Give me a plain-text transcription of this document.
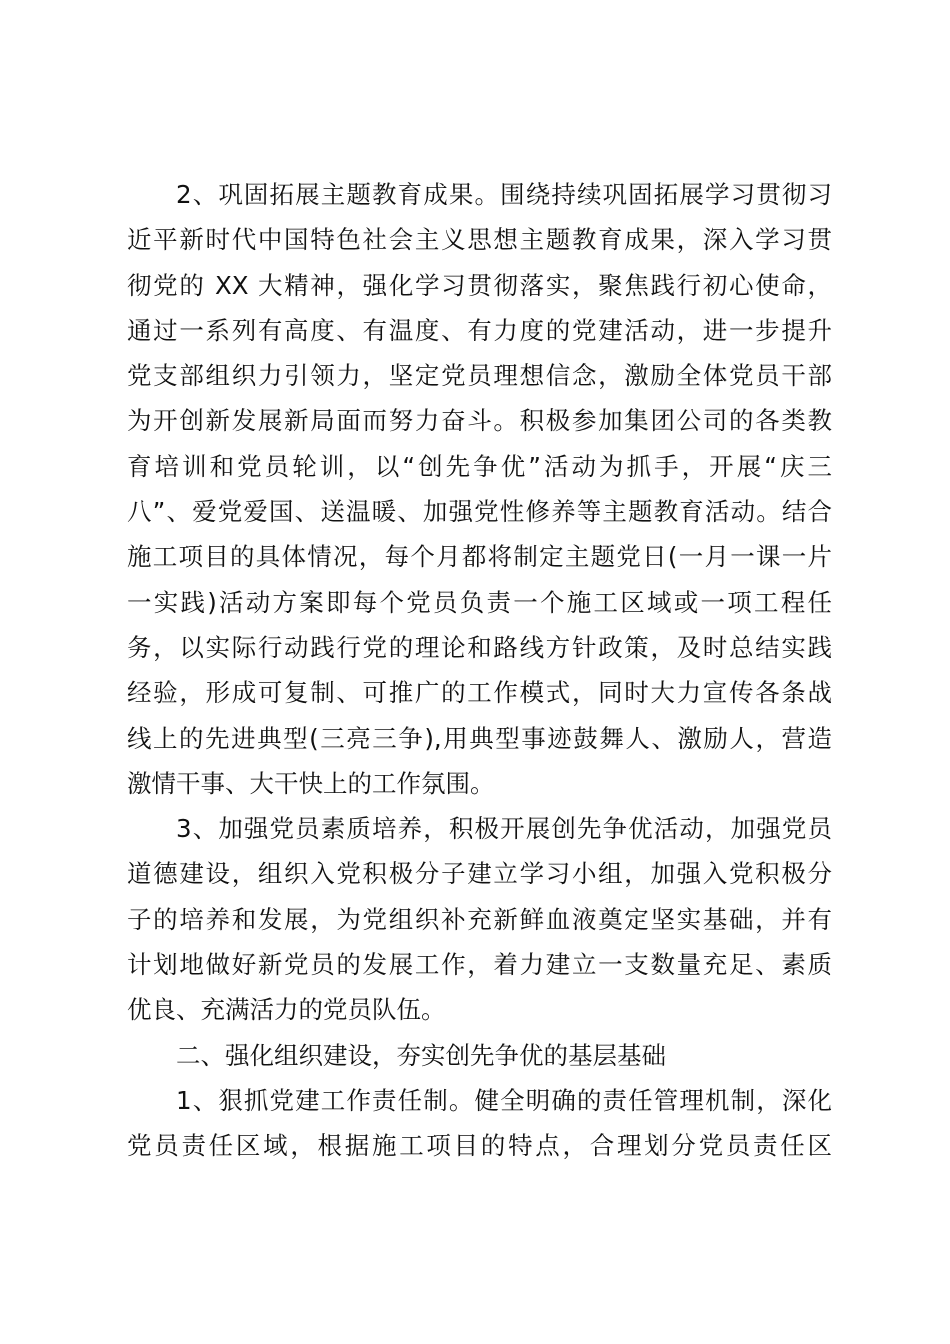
2、巩固拓展主题教育成果。围绕持续巩固拓展学习贯彻习
近平新时代中国特色社会主义思想主题教育成果，深入学习贯
彻党的 XX 大精神，强化学习贯彻落实，聚焦践行初心使命，
通过一系列有高度、有温度、有力度的党建活动，进一步提升
党支部组织力引领力，坚定党员理想信念，激励全体党员干部
为开创新发展新局面而努力奋斗。积极参加集团公司的各类教
育培训和党员轮训，以“创先争优”活动为抓手，开展“庆三
八”、爱党爱国、送温暖、加强党性修养等主题教育活动。结合
施工项目的具体情况，每个月都将制定主题党日(一月一课一片
一实践)活动方案即每个党员负责一个施工区域或一项工程任
务，以实际行动践行党的理论和路线方针政策，及时总结实践
经验，形成可复制、可推广的工作模式，同时大力宣传各条战
线上的先进典型(三亮三争),用典型事迹鼓舞人、激励人，营造
激情干事、大干快上的工作氛围。
3、加强党员素质培养，积极开展创先争优活动，加强党员
道德建设，组织入党积极分子建立学习小组，加强入党积极分
子的培养和发展，为党组织补充新鲜血液奠定坚实基础，并有
计划地做好新党员的发展工作，着力建立一支数量充足、素质
优良、充满活力的党员队伍。
二、强化组织建设，夯实创先争优的基层基础
1、狠抓党建工作责任制。健全明确的责任管理机制，深化
党员责任区域，根据施工项目的特点，合理划分党员责任区
